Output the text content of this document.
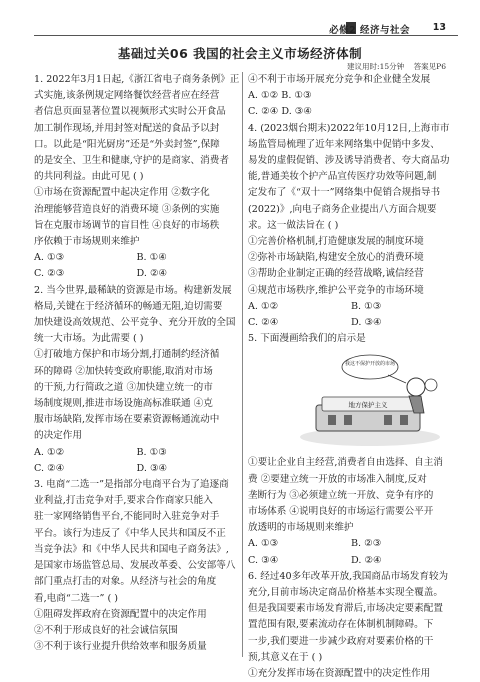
必修2 经济与社会 13
基础过关06 我国的社会主义市场经济体制
建议用时:15分钟 答案见P6
1. 2022年3月1日起,《浙江省电子商务条例》正
式实施,该条例规定网络餐饮经营者应在经营
者信息页面显著位置以视频形式实时公开食品
加工制作现场,并用封签对配送的食品予以封
口。以此是“阳光厨房”还是“外卖封签”,保障
的是安全、卫生和健康,守护的是商家、消费者
的共同利益。由此可见 ( )
①市场在资源配置中起决定作用 ②数字化
治理能够营造良好的消费环境 ③条例的实施
旨在克服市场调节的盲目性 ④良好的市场秩
序依赖于市场规则来维护
A. ①③	B. ①④
C. ②③	D. ②④
2. 当今世界,最稀缺的资源是市场。构建新发展
格局,关键在于经济循环的畅通无阻,迫切需要
加快建设高效规范、公平竞争、充分开放的全国
统一大市场。为此需要 ( )
①打破地方保护和市场分割,打通制约经济循
环的障碍 ②加快转变政府职能,取消对市场
的干预,力行简政之道 ③加快建立统一的市
场制度规则,推进市场设施高标准联通 ④克
服市场缺陷,发挥市场在要素资源畅通流动中
的决定作用
A. ①②	B. ①③
C. ②④	D. ③④
3. 电商“二选一”是指部分电商平台为了追逐商
业利益,打击竞争对手,要求合作商家只能入
驻一家网络销售平台,不能同时入驻竞争对手
平台。该行为违反了《中华人民共和国反不正
当竞争法》和《中华人民共和国电子商务法》,
是国家市场监管总局、发展改革委、公安部等八
部门重点打击的对象。从经济与社会的角度
看,电商“二选一” ( )
①阻碍发挥政府在资源配置中的决定作用
②不利于形成良好的社会诚信氛围
③不利于该行业提升供给效率和服务质量
④不利于市场开展充分竞争和企业健全发展
A. ①② B. ①③
C. ②④ D. ③④
4. (2023烟台期末)2022年10月12日,上海市市
场监管局梳理了近年来网络集中促销中多发、
易发的虚假促销、涉及诱导消费者、夸大商品功
能,普通美妆个护产品宣传医疗功效等问题,制
定发布了《“双十一”网络集中促销合规指导书
(2022)》,向电子商务企业提出八方面合规要
求。这一做法旨在 ( )
①完善价格机制,打造健康发展的制度环境
②弥补市场缺陷,构建安全放心的消费环境
③帮助企业制定正确的经营战略,诚信经营
④规范市场秩序,维护公平竞争的市场环境
A. ①②	B. ①③
C. ②④	D. ③④
5. 下面漫画给我们的启示是
地方保护主义
我这不保护开放的市场
①要让企业自主经营,消费者自由选择、自主消
费 ②要建立统一开放的市场准入制度,反对
垄断行为 ③必须建立统一开放、竞争有序的
市场体系 ④说明良好的市场运行需要公平开
放透明的市场规则来维护
A. ①③	B. ②③
C. ③④	D. ②④
6. 经过40多年改革开放,我国商品市场发育较为
充分,目前市场决定商品价格基本实现全覆盖。
但是我国要素市场发育滞后,市场决定要素配置
置范围有限,要素流动存在体制机制障碍。下
一步,我们要进一步减少政府对要素价格的干
预,其意义在于 ( )
①充分发挥市场在资源配置中的决定性作用
